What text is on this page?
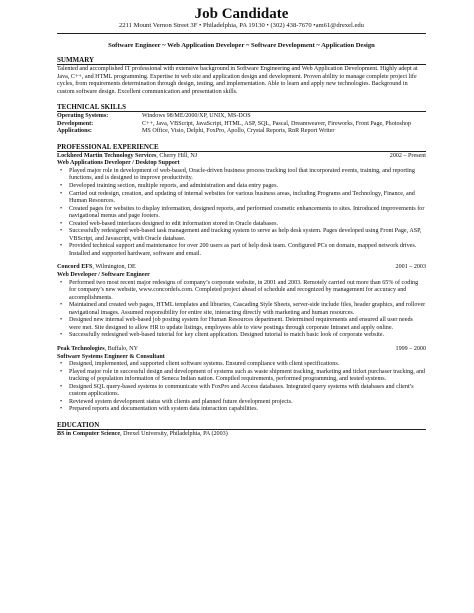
Job Candidate

2211 Mount Vernon Street 3F • Philadelphia, PA 19130 • (302) 438-7670 •am61@drexel.edu

Software Engineer ~ Web Application Developer ~ Software Development ~ Application Design

SUMMARY

Talented and accomplished IT professional with extensive background in Software Engineering and Web Application Development. Highly adept at Java, C++, and HTML programming. Expertise in web site and application design and development. Proven ability to manage complete project life cycles, from requirements determination through design, testing, and implementation. Able to learn and apply new technologies. Background in custom software design. Excellent communication and presentation skills.

TECHNICAL SKILLS
Operating Systems:	Windows 98/ME/2000/XP, UNIX, MS-DOS
Development:	C++, Java, VBScript, JavaScript, HTML, ASP, SQL, Pascal, Dreamweaver, Fireworks, Front Page, Photoshop
Applications:	MS Office, Visio, Delphi, FoxPro, Apollo, Crystal Reports, RnR Report Writer
PROFESSIONAL EXPERIENCE
Lockheed Martin Technology Services, Cherry Hill, NJ	2002 – Present
Web Applications Developer / Desktop Support
• Played major role in development of web-based, Oracle-driven business process tracking tool that incorporated events, training, and reporting functions, and is designed to improve productivity.
• Developed training section, multiple reports, and administration and data entry pages.
• Carried out redesign, creation, and updating of internal websites for various business areas, including Programs and Technology, Finance, and Human Resources.
• Created pages for websites to display information, designed reports, and performed cosmetic enhancements to sites. Introduced improvements for navigational menus and page footers.
• Created web-based interfaces designed to edit information stored in Oracle databases.
• Successfully redesigned web-based task management and tracking system to serve as help desk system. Pages developed using Front Page, ASP, VBScript, and Javascript, with Oracle database.
• Provided technical support and maintenance for over 200 users as part of help desk team. Configured PCs on domain, mapped network drives. Installed and supported hardware, software and email.
Concord EFS, Wilmington, DE	2001 – 2003
Web Developer / Software Engineer
• Performed two most recent major redesigns of company’s corporate website, in 2001 and 2003. Remotely carried out more than 65% of coding for company’s new website, www.concordefs.com. Completed project ahead of schedule and recognized by management for accuracy and accomplishments.
• Maintained and created web pages, HTML templates and libraries, Cascading Style Sheets, server-side include files, header graphics, and rollover navigational images. Assumed responsibility for entire site, interacting directly with marketing and human resources.
• Designed new internal web-based job posting system for Human Resources department. Determined requirements and ensured all user needs were met. Site designed to allow HR to update listings, employees able to view postings through corporate Intranet and apply online.
• Successfully redesigned web-based tutorial for key client application. Designed tutorial to match basic look of corporate website.
Peak Technologies, Buffalo, NY	1999 – 2000
Software Systems Engineer & Consultant
• Designed, implemented, and supported client software systems. Ensured compliance with client specifications.
• Played major role in successful design and development of systems such as waste shipment tracking, marketing and ticket purchaser tracking, and tracking of population information of Seneca Indian nation. Compiled requirements, performed programming, and tested systems.
• Designed SQL query-based systems to communicate with FoxPro and Access databases. Integrated query systems with databases and client’s custom applications.
• Reviewed system development status with clients and planned future development projects.
• Prepared reports and documentation with system data interaction capabilities.
EDUCATION

BS in Computer Science, Drexel University, Philadelphia, PA (2003)
